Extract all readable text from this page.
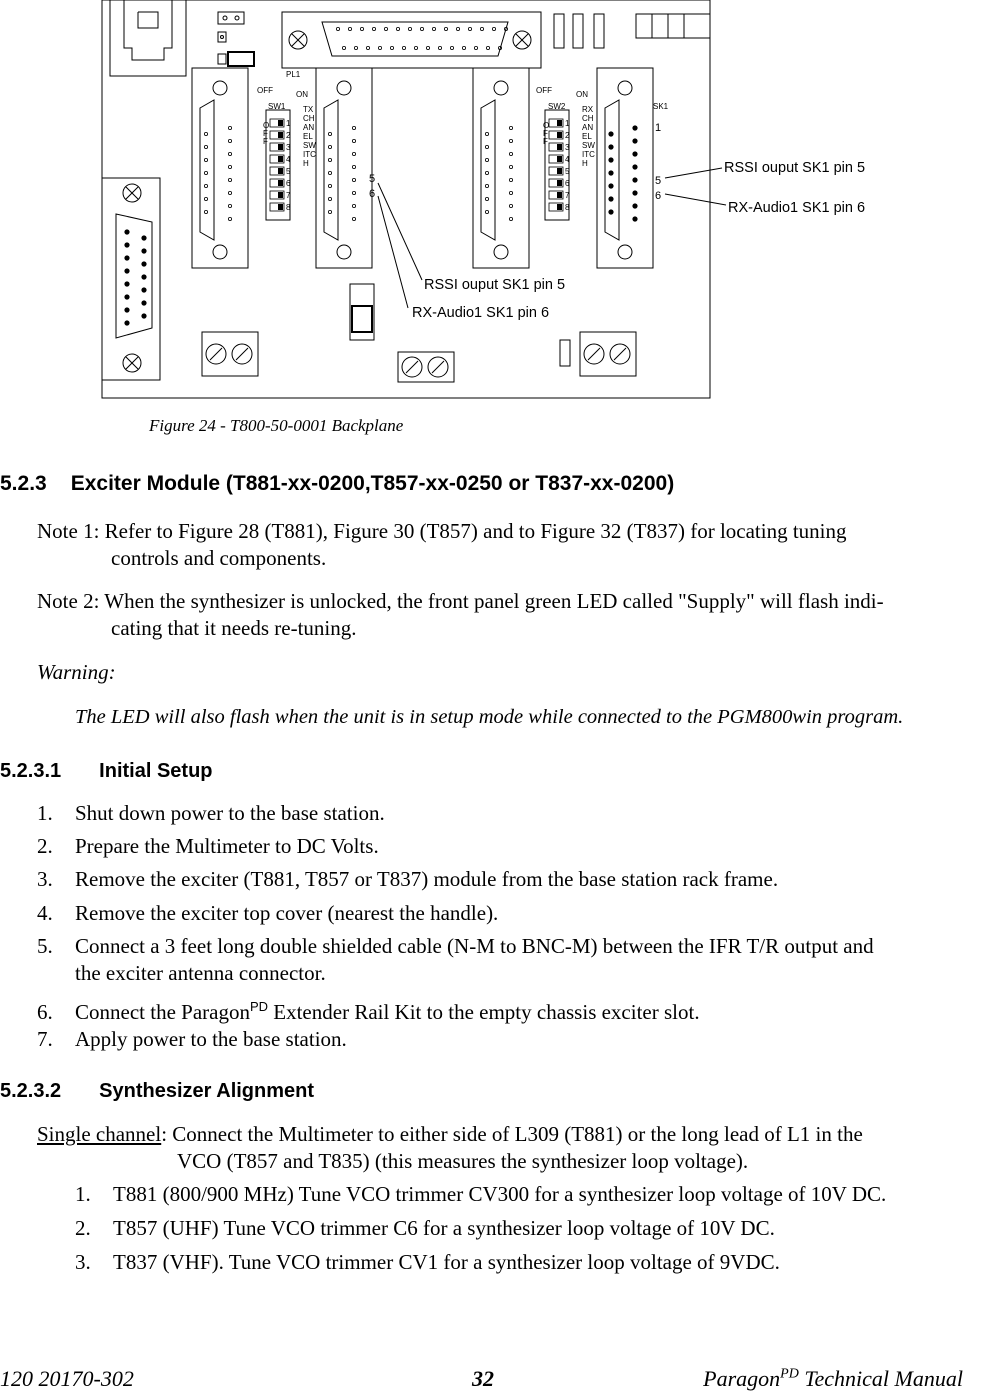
1
2
3
4
5
6
7
8
1
2
3
4
5
6
7
8
PL1
OFF	ON	OFF	ON
SW1	SW2	SK1
TX
CH
AN
EL
SW
ITC
H
RX
CH
AN
EL
SW
ITC
H
O
F
F
O
F
F
1
5
6
5
6
RSSI ouput SK1 pin 5
RX-Audio1 SK1 pin 6
RSSI ouput SK1 pin 5
RX-Audio1 SK1 pin 6
Figure 24 - T800-50-0001 Backplane
5.2.3 Exciter Module (T881-xx-0200,T857-xx-0250 or T837-xx-0200)
Note 1: Refer to Figure 28 (T881), Figure 30 (T857) and to Figure 32 (T837) for locating tuning
controls and components.
Note 2: When the synthesizer is unlocked, the front panel green LED called "Supply" will flash indi-
cating that it needs re-tuning.
Warning:
The LED will also flash when the unit is in setup mode while connected to the PGM800win program.
5.2.3.1 Initial Setup
1. Shut down power to the base station.
2. Prepare the Multimeter to DC Volts.
3. Remove the exciter (T881, T857 or T837) module from the base station rack frame.
4. Remove the exciter top cover (nearest the handle).
5. Connect a 3 feet long double shielded cable (N-M to BNC-M) between the IFR T/R output and
the exciter antenna connector.
6. Connect the Paragon$^{PD}$ Extender Rail Kit to the empty chassis exciter slot.
7. Apply power to the base station.
5.2.3.2 Synthesizer Alignment
Single channel: Connect the Multimeter to either side of L309 (T881) or the long lead of L1 in the
VCO (T857 and T835) (this measures the synthesizer loop voltage).
1. T881 (800/900 MHz) Tune VCO trimmer CV300 for a synthesizer loop voltage of 10V DC.
2. T857 (UHF) Tune VCO trimmer C6 for a synthesizer loop voltage of 10V DC.
3. T837 (VHF). Tune VCO trimmer CV1 for a synthesizer loop voltage of 9VDC.
120 20170-302	32	Paragon$^{PD}$ Technical Manual
